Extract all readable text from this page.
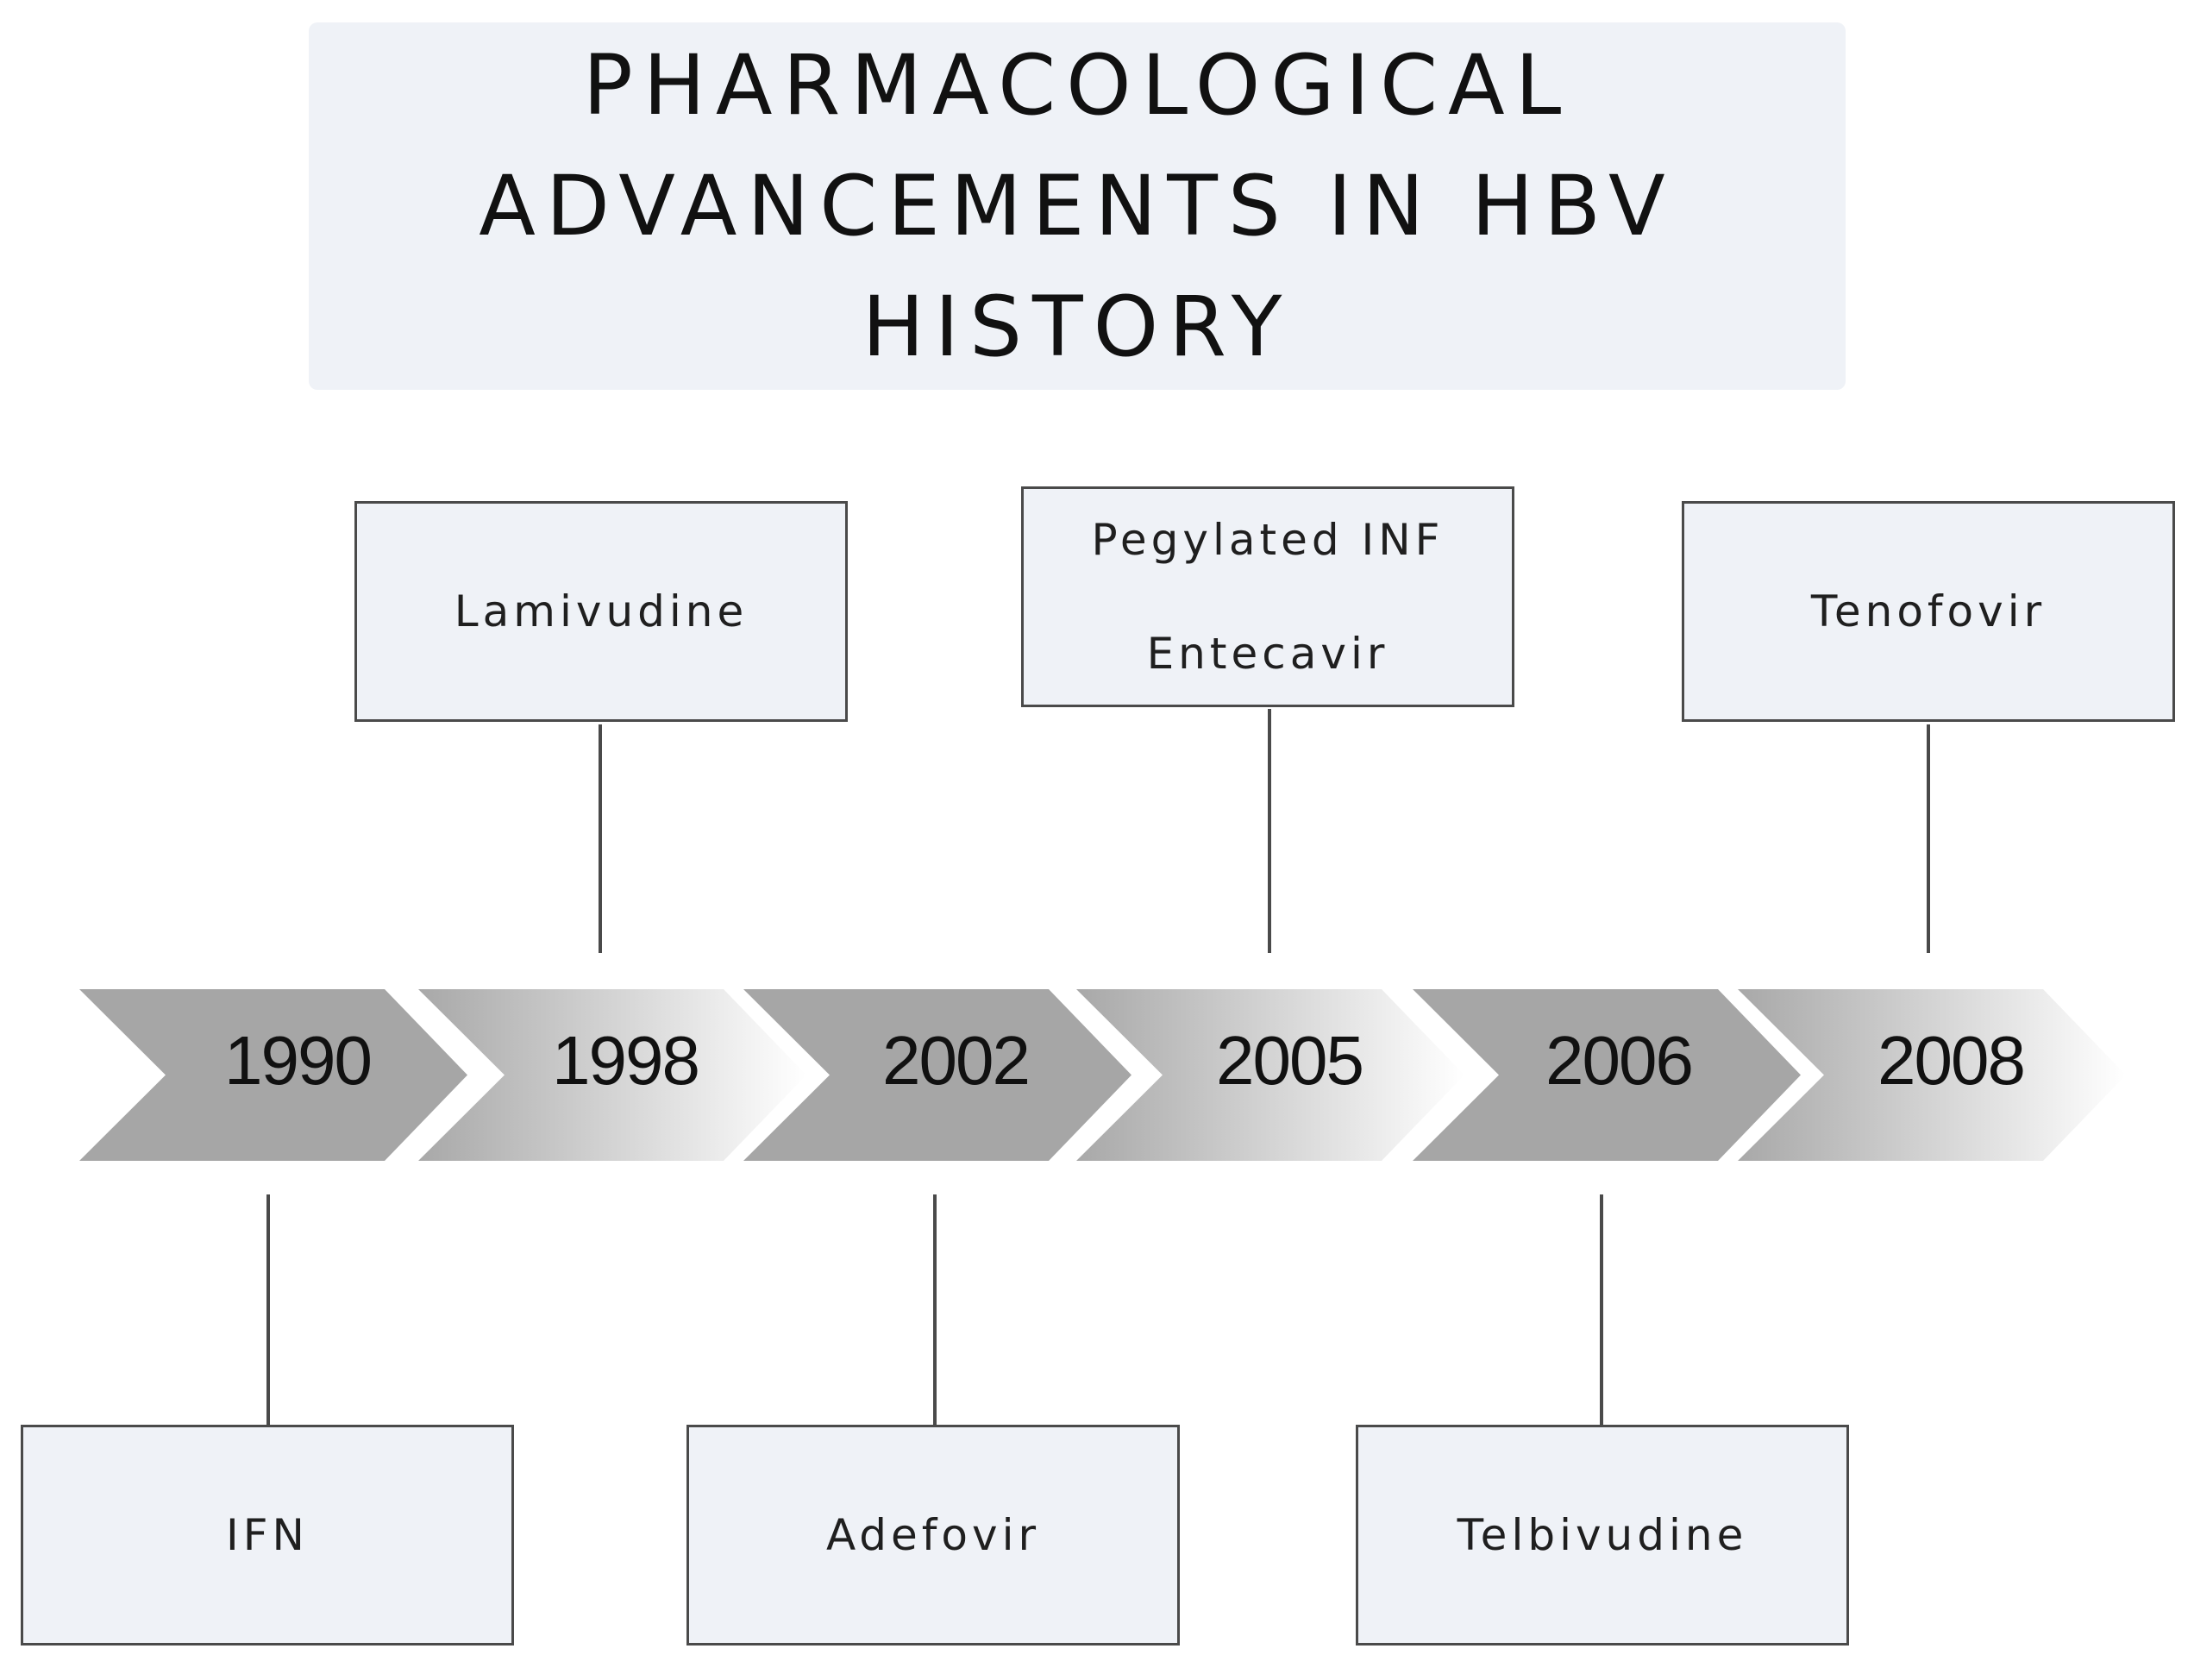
PHARMACOLOGICAL ADVANCEMENTS IN HBV HISTORY
1990
IFN
1998
Lamivudine
2002
Adefovir
2005
Pegylated INF
Entecavir
2006
Telbivudine
2008
Tenofovir
